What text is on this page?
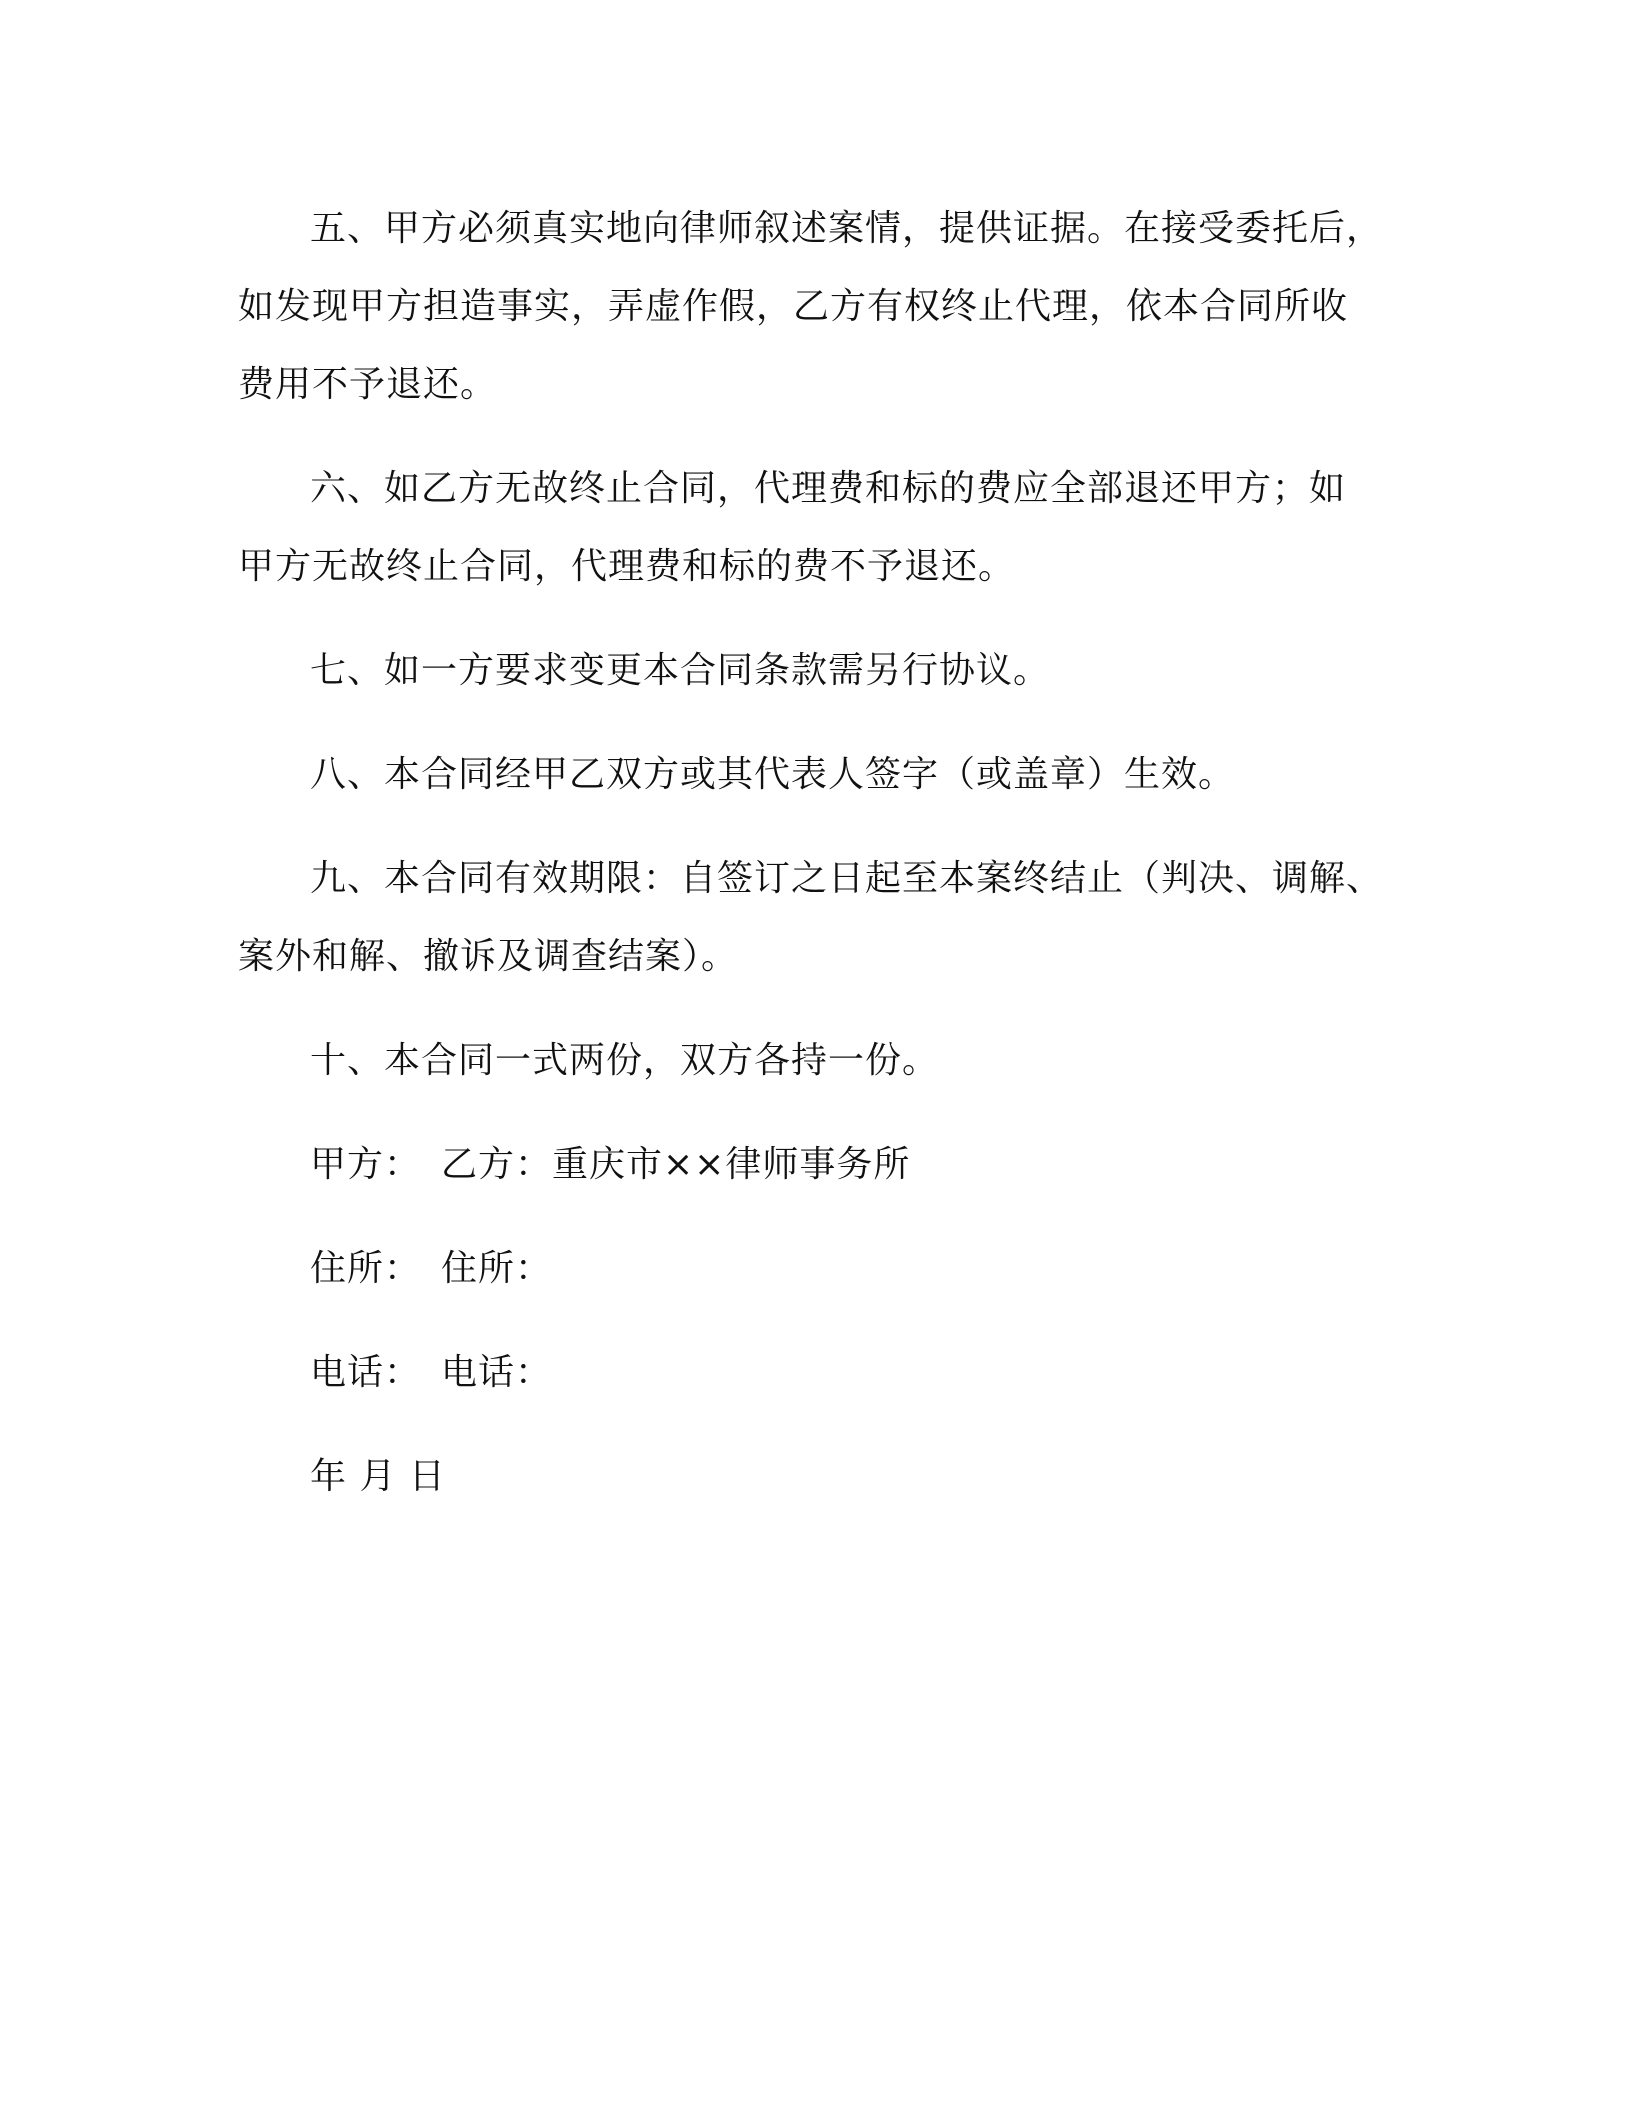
五、甲方必须真实地向律师叙述案情，提供证据。在接受委托后，
如发现甲方担造事实，弄虚作假，乙方有权终止代理，依本合同所收
费用不予退还。

六、如乙方无故终止合同，代理费和标的费应全部退还甲方；如
甲方无故终止合同，代理费和标的费不予退还。

七、如一方要求变更本合同条款需另行协议。

八、本合同经甲乙双方或其代表人签字（或盖章）生效。

九、本合同有效期限：自签订之日起至本案终结止（判决、调解、
案外和解、撤诉及调查结案）。

十、本合同一式两份，双方各持一份。

甲方： 乙方：重庆市××律师事务所
住所： 住所：
电话： 电话：
年 月 日
